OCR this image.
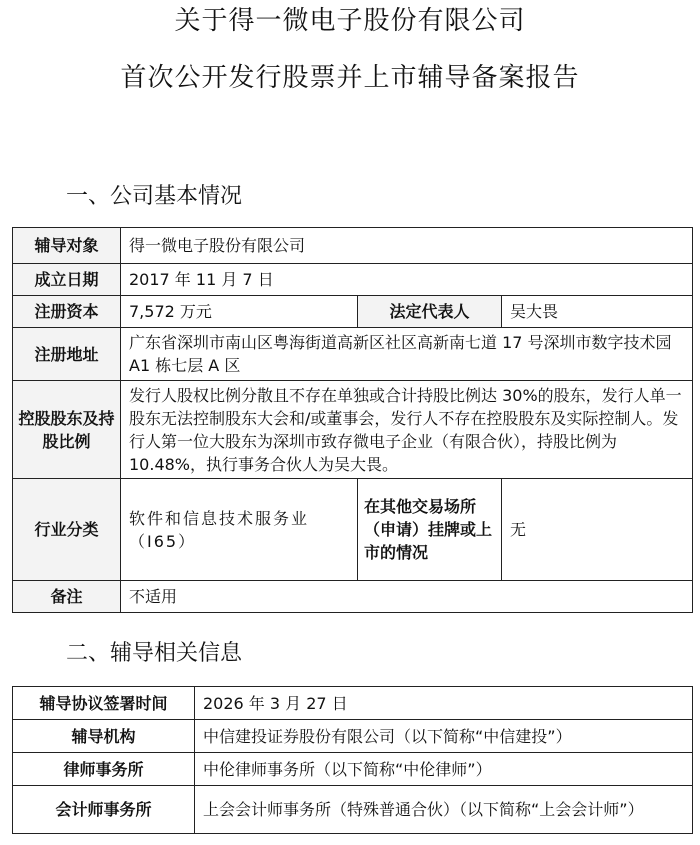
关于得一微电子股份有限公司
首次公开发行股票并上市辅导备案报告
一、公司基本情况
辅导对象	得一微电子股份有限公司		
成立日期	2017 年 11 月 7 日		
注册资本	7,572 万元	法定代表人	吴大畏
注册地址	广东省深圳市南山区粤海街道高新区社区高新南七道 17 号深圳市数字技术园 A1 栋七层 A 区		
控股股东及持股比例	发行人股权比例分散且不存在单独或合计持股比例达 30%的股东，发行人单一股东无法控制股东大会和/或董事会，发行人不存在控股股东及实际控制人。发行人第一位大股东为深圳市致存微电子企业（有限合伙），持股比例为 10.48%，执行事务合伙人为吴大畏。		
行业分类	软件和信息技术服务业（I65）	在其他交易场所（申请）挂牌或上市的情况	无
备注	不适用		
二、辅导相关信息
辅导协议签署时间	2026 年 3 月 27 日
辅导机构	中信建投证券股份有限公司（以下简称“中信建投”）
律师事务所	中伦律师事务所（以下简称“中伦律师”）
会计师事务所	上会会计师事务所（特殊普通合伙）（以下简称“上会会计师”）
